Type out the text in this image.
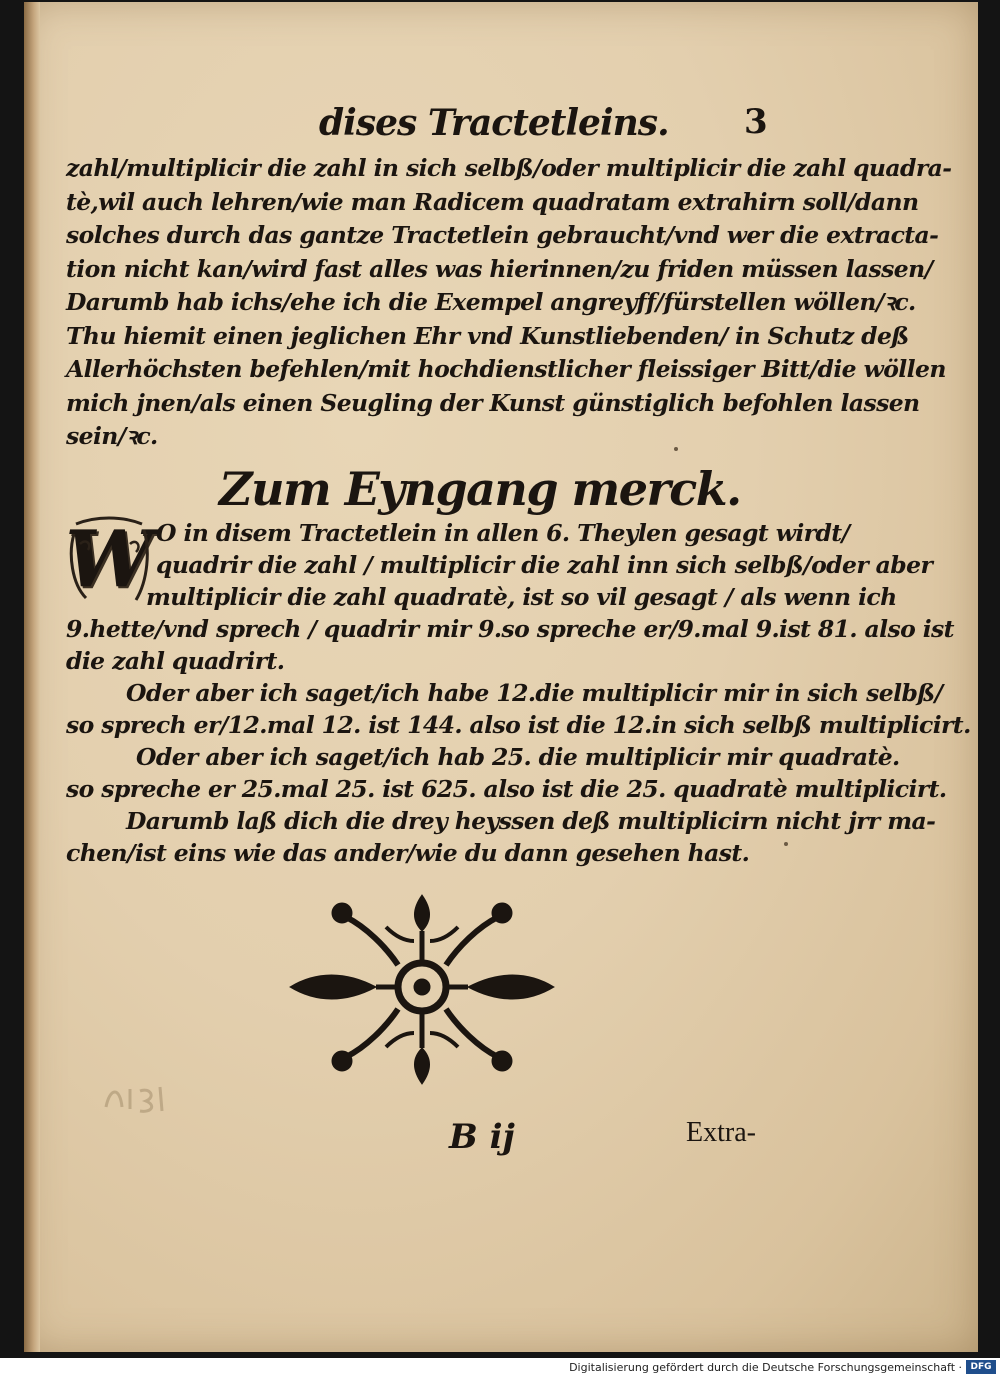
dises Tractetleins. 3
zahl/multiplicir die zahl in sich selbß/oder multiplicir die zahl quadra-
tè,wil auch lehren/wie man Radicem quadratam extrahirn soll/dann
solches durch das gantze Tractetlein gebraucht/vnd wer die extracta-
tion nicht kan/wird fast alles was hierinnen/zu friden müssen lassen/
Darumb hab ichs/ehe ich die Exempel angreyff/fürstellen wöllen/ꝛc.
Thu hiemit einen jeglichen Ehr vnd Kunstliebenden/ in Schutz deß
Allerhöchsten befehlen/mit hochdienstlicher fleissiger Bitt/die wöllen
mich jnen/als einen Seugling der Kunst günstiglich befohlen lassen
sein/ꝛc.
Zum Eyngang merck.
W O in disem Tractetlein in allen 6. Theylen gesagt wirdt/
quadrir die zahl / multiplicir die zahl inn sich selbß/oder aber
multiplicir die zahl quadratè, ist so vil gesagt / als wenn ich
9.hette/vnd sprech / quadrir mir 9.so spreche er/9.mal 9.ist 81. also ist
die zahl quadrirt.
Oder aber ich saget/ich habe 12.die multiplicir mir in sich selbß/
so sprech er/12.mal 12. ist 144. also ist die 12.in sich selbß multiplicirt.
Oder aber ich saget/ich hab 25. die multiplicir mir quadratè.
so spreche er 25.mal 25. ist 625. also ist die 25. quadratè multiplicirt.
Darumb laß dich die drey heyssen deß multiplicirn nicht jrr ma-
chen/ist eins wie das ander/wie du dann gesehen hast.
B ij	Extra-
Digitalisierung gefördert durch die Deutsche Forschungsgemeinschaft · DFG
